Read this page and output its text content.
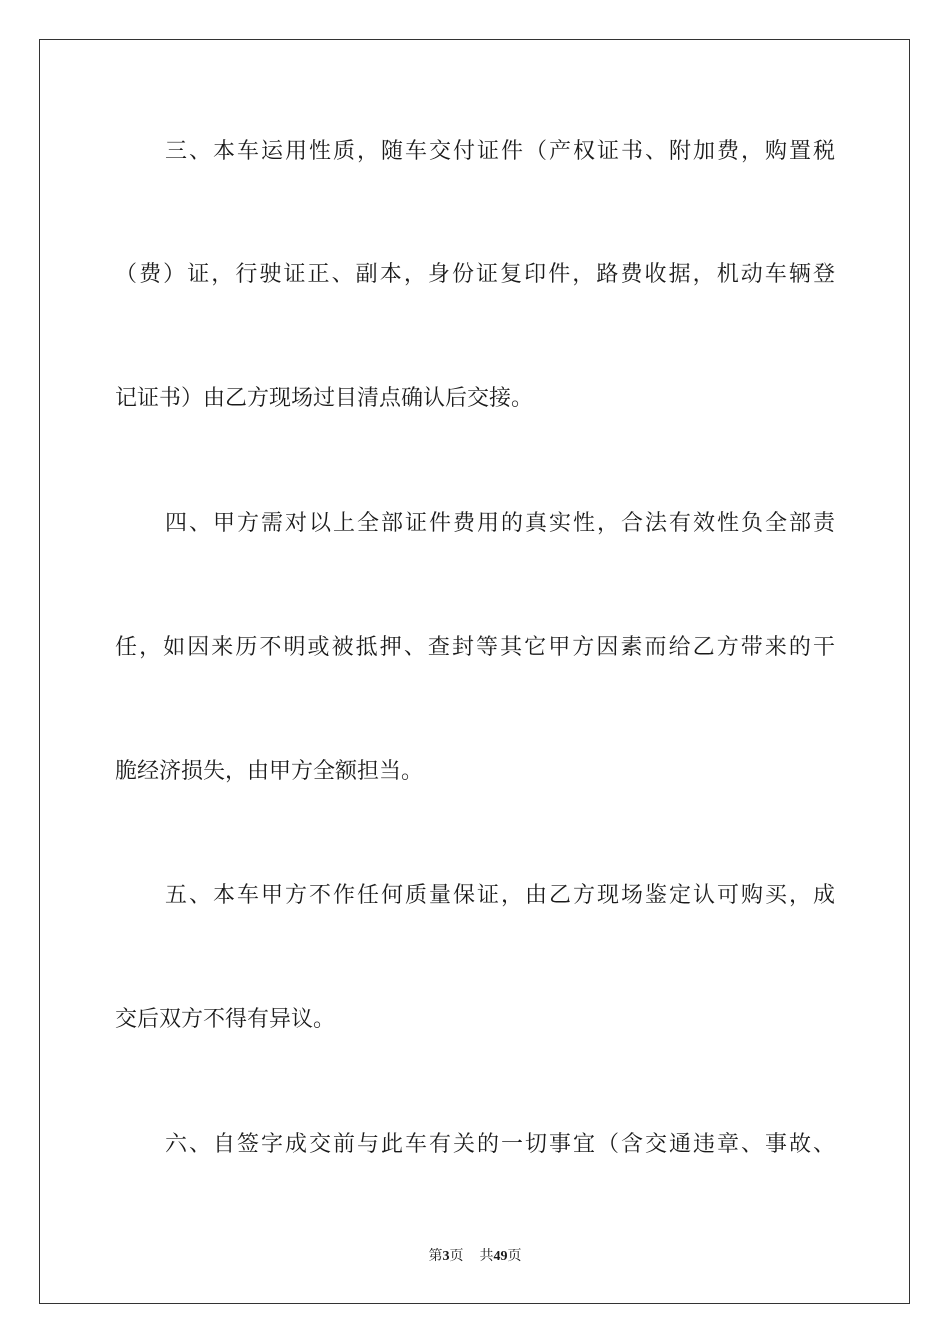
三、本车运用性质，随车交付证件（产权证书、附加费，购置税
（费）证，行驶证正、副本，身份证复印件，路费收据，机动车辆登
记证书）由乙方现场过目清点确认后交接。
四、甲方需对以上全部证件费用的真实性，合法有效性负全部责
任，如因来历不明或被抵押、查封等其它甲方因素而给乙方带来的干
脆经济损失，由甲方全额担当。
五、本车甲方不作任何质量保证，由乙方现场鉴定认可购买，成
交后双方不得有异议。
六、自签字成交前与此车有关的一切事宜（含交通违章、事故、
第3页 共49页
